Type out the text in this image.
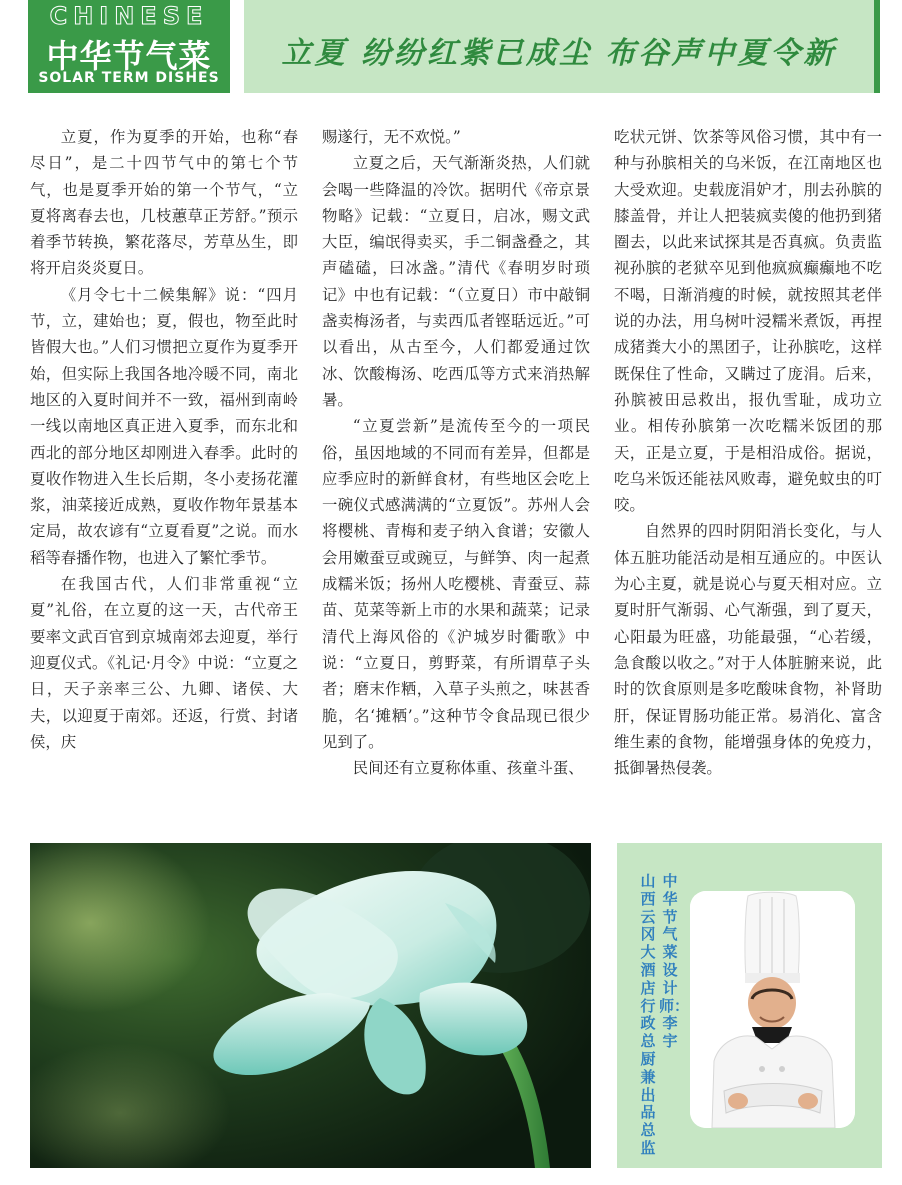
CHINESE
中华节气菜
SOLAR TERM DISHES
立夏 纷纷红紫已成尘 布谷声中夏令新

立夏，作为夏季的开始，也称“春尽日”，是二十四节气中的第七个节气，也是夏季开始的第一个节气，“立夏将离春去也，几枝蕙草正芳舒。”预示着季节转换，繁花落尽，芳草丛生，即将开启炎炎夏日。

《月令七十二候集解》说：“四月节，立，建始也；夏，假也，物至此时皆假大也。”人们习惯把立夏作为夏季开始，但实际上我国各地冷暖不同，南北地区的入夏时间并不一致，福州到南岭一线以南地区真正进入夏季，而东北和西北的部分地区却刚进入春季。此时的夏收作物进入生长后期，冬小麦扬花灌浆，油菜接近成熟，夏收作物年景基本定局，故农谚有“立夏看夏”之说。而水稻等春播作物，也进入了繁忙季节。

在我国古代，人们非常重视“立夏”礼俗，在立夏的这一天，古代帝王要率文武百官到京城南郊去迎夏，举行迎夏仪式。《礼记·月令》中说：“立夏之日，天子亲率三公、九卿、诸侯、大夫，以迎夏于南郊。还返，行赏、封诸侯，庆

赐遂行，无不欢悦。”

立夏之后，天气渐渐炎热，人们就会喝一些降温的冷饮。据明代《帝京景物略》记载：“立夏日，启冰，赐文武大臣，编氓得卖买，手二铜盏叠之，其声磕磕，曰冰盏。”清代《春明岁时琐记》中也有记载：“（立夏日）市中敲铜盏卖梅汤者，与卖西瓜者铿聒远近。”可以看出，从古至今，人们都爱通过饮冰、饮酸梅汤、吃西瓜等方式来消热解暑。

“立夏尝新”是流传至今的一项民俗，虽因地域的不同而有差异，但都是应季应时的新鲜食材，有些地区会吃上一碗仪式感满满的“立夏饭”。苏州人会将樱桃、青梅和麦子纳入食谱；安徽人会用嫩蚕豆或豌豆，与鲜笋、肉一起煮成糯米饭；扬州人吃樱桃、青蚕豆、蒜苗、苋菜等新上市的水果和蔬菜；记录清代上海风俗的《沪城岁时衢歌》中说：“立夏日，剪野菜，有所谓草子头者；磨末作粞，入草子头煎之，味甚香脆，名‘摊粞’。”这种节令食品现已很少见到了。

民间还有立夏称体重、孩童斗蛋、

吃状元饼、饮茶等风俗习惯，其中有一种与孙膑相关的乌米饭，在江南地区也大受欢迎。史载庞涓妒才，刖去孙膑的膝盖骨，并让人把装疯卖傻的他扔到猪圈去，以此来试探其是否真疯。负责监视孙膑的老狱卒见到他疯疯癫癫地不吃不喝，日渐消瘦的时候，就按照其老伴说的办法，用乌树叶浸糯米煮饭，再捏成猪粪大小的黑团子，让孙膑吃，这样既保住了性命，又瞒过了庞涓。后来，孙膑被田忌救出，报仇雪耻，成功立业。相传孙膑第一次吃糯米饭团的那天，正是立夏，于是相沿成俗。据说，吃乌米饭还能祛风败毒，避免蚊虫的叮咬。

自然界的四时阴阳消长变化，与人体五脏功能活动是相互通应的。中医认为心主夏，就是说心与夏天相对应。立夏时肝气渐弱、心气渐强，到了夏天，心阳最为旺盛，功能最强，“心若缓，急食酸以收之。”对于人体脏腑来说，此时的饮食原则是多吃酸味食物，补肾助肝，保证胃肠功能正常。易消化、富含维生素的食物，能增强身体的免疫力，抵御暑热侵袭。

中华节气菜设计师：李宇
山西云冈大酒店行政总厨兼出品总监
